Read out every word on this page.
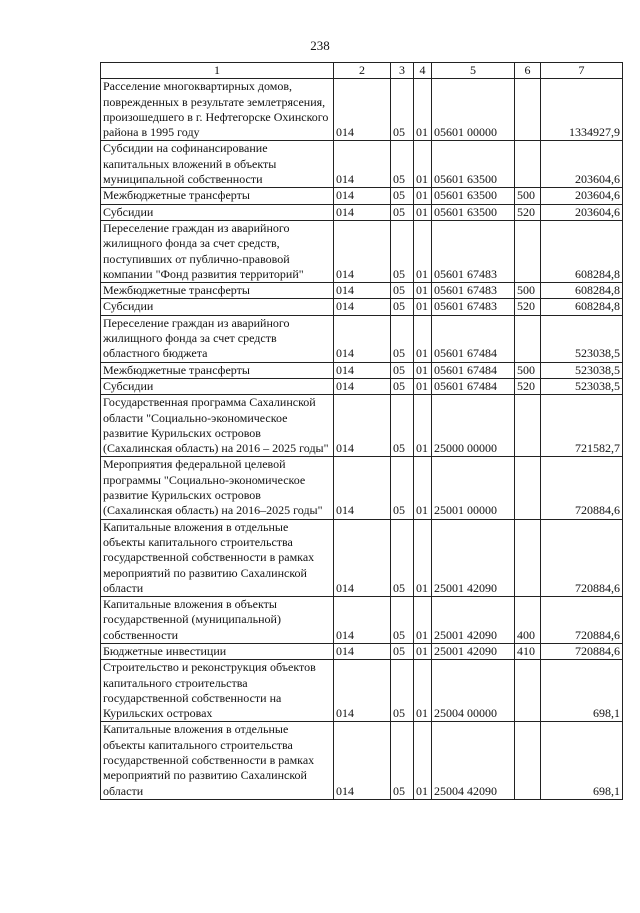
238
1	2	3	4	5	6	7
Расселение многоквартирных домов, поврежденных в результате землетрясения, произошедшего в г. Нефтегорске Охинского района в 1995 году	014	05	01	05601 00000		1334927,9
Субсидии на софинансирование капитальных вложений в объекты муниципальной собственности	014	05	01	05601 63500		203604,6
Межбюджетные трансферты	014	05	01	05601 63500	500	203604,6
Субсидии	014	05	01	05601 63500	520	203604,6
Переселение граждан из аварийного жилищного фонда за счет средств, поступивших от публично-правовой компании "Фонд развития территорий"	014	05	01	05601 67483		608284,8
Межбюджетные трансферты	014	05	01	05601 67483	500	608284,8
Субсидии	014	05	01	05601 67483	520	608284,8
Переселение граждан из аварийного жилищного фонда за счет средств областного бюджета	014	05	01	05601 67484		523038,5
Межбюджетные трансферты	014	05	01	05601 67484	500	523038,5
Субсидии	014	05	01	05601 67484	520	523038,5
Государственная программа Сахалинской области "Социально-экономическое развитие Курильских островов (Сахалинская область) на 2016 – 2025 годы"	014	05	01	25000 00000		721582,7
Мероприятия федеральной целевой программы "Социально-экономическое развитие Курильских островов (Сахалинская область) на 2016–2025 годы"	014	05	01	25001 00000		720884,6
Капитальные вложения в отдельные объекты капитального строительства государственной собственности в рамках мероприятий по развитию Сахалинской области	014	05	01	25001 42090		720884,6
Капитальные вложения в объекты государственной (муниципальной) собственности	014	05	01	25001 42090	400	720884,6
Бюджетные инвестиции	014	05	01	25001 42090	410	720884,6
Строительство и реконструкция объектов капитального строительства государственной собственности на Курильских островах	014	05	01	25004 00000		698,1
Капитальные вложения в отдельные объекты капитального строительства государственной собственности в рамках мероприятий по развитию Сахалинской области	014	05	01	25004 42090		698,1
